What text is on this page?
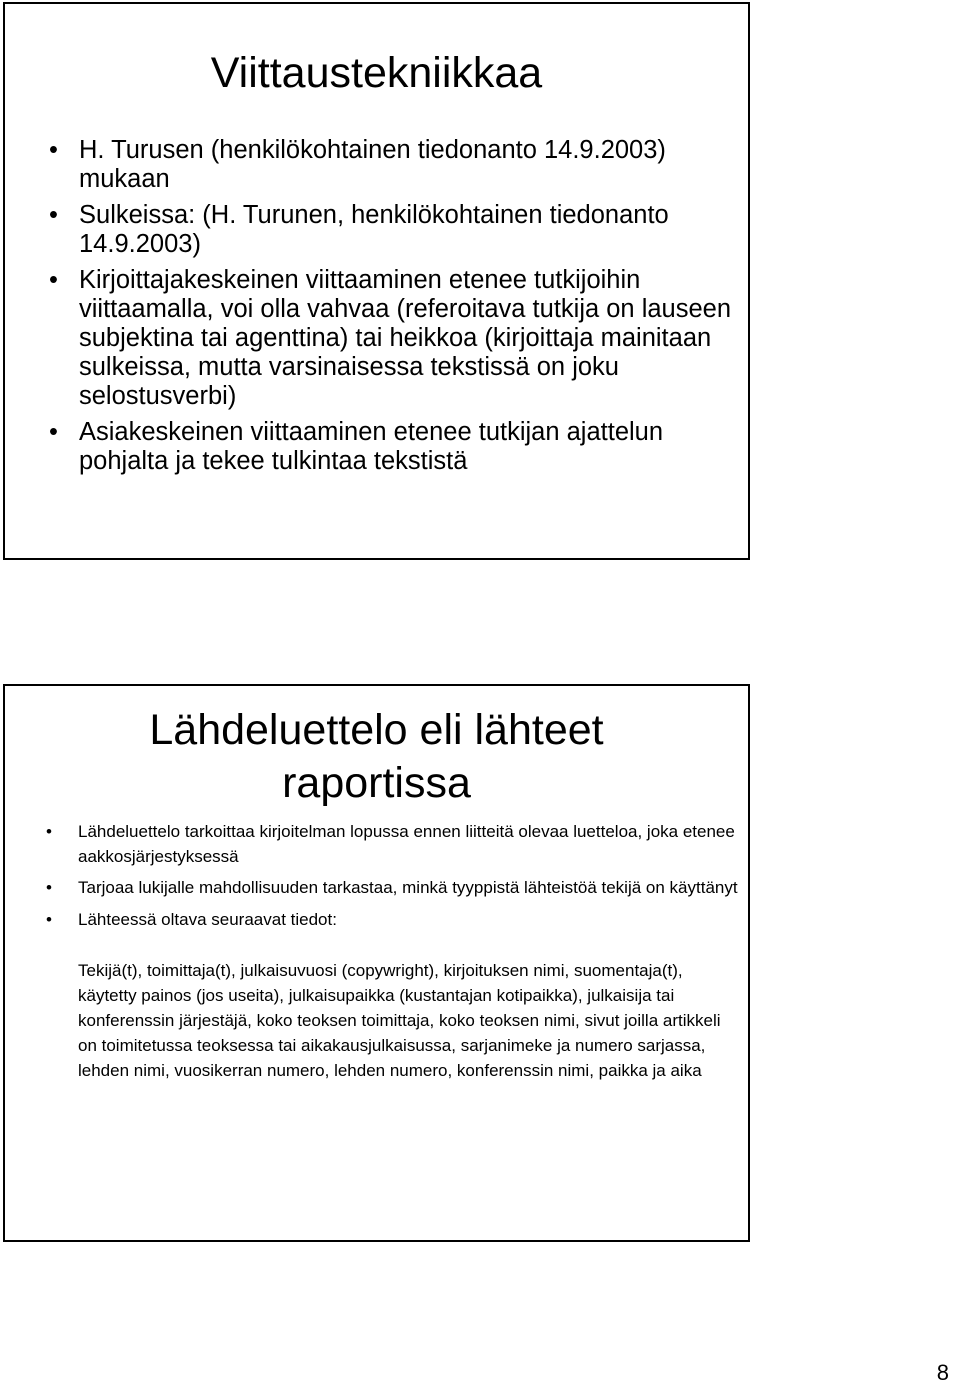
Viittaustekniikkaa
• H. Turusen (henkilökohtainen tiedonanto 14.9.2003) mukaan
• Sulkeissa: (H. Turunen, henkilökohtainen tiedonanto 14.9.2003)
• Kirjoittajakeskeinen viittaaminen etenee tutkijoihin viittaamalla, voi olla vahvaa (referoitava tutkija on lauseen subjektina tai agenttina) tai heikkoa (kirjoittaja mainitaan sulkeissa, mutta varsinaisessa tekstissä on joku selostusverbi)
• Asiakeskeinen viittaaminen etenee tutkijan ajattelun pohjalta ja tekee tulkintaa tekstistä
Lähdeluettelo eli lähteet
raportissa
• Lähdeluettelo tarkoittaa kirjoitelman lopussa ennen liitteitä olevaa luetteloa, joka etenee aakkosjärjestyksessä
• Tarjoaa lukijalle mahdollisuuden tarkastaa, minkä tyyppistä lähteistöä tekijä on käyttänyt
• Lähteessä oltava seuraavat tiedot:

Tekijä(t), toimittaja(t), julkaisuvuosi (copywright), kirjoituksen nimi, suomentaja(t), käytetty painos (jos useita), julkaisupaikka (kustantajan kotipaikka), julkaisija tai konferenssin järjestäjä, koko teoksen toimittaja, koko teoksen nimi, sivut joilla artikkeli on toimitetussa teoksessa tai aikakausjulkaisussa, sarjanimeke ja numero sarjassa, lehden nimi, vuosikerran numero, lehden numero, konferenssin nimi, paikka ja aika

8
